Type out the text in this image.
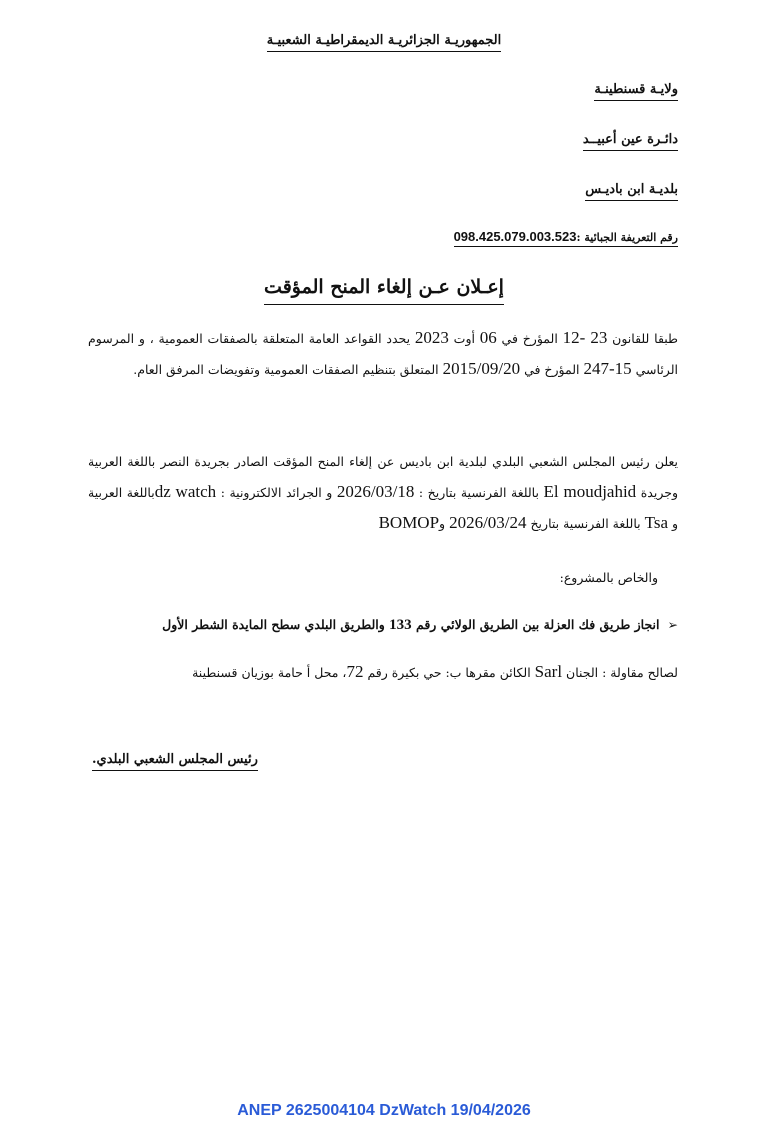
الجمهوريـة الجزائريـة الديمقراطيـة الشعبيـة
ولايـة قسنطينـة
دائـرة عين أعبيــد
بلديـة ابن باديـس
رقم التعريفة الجبائية :098.425.079.003.523
إعـلان عـن إلغاء المنح المؤقت

طبقا للقانون 23 -12 المؤرخ في 06 أوت 2023 يحدد القواعد العامة المتعلقة بالصفقات العمومية ، و المرسوم الرئاسي 15-247 المؤرخ في 2015/09/20 المتعلق بتنظيم الصفقات العمومية وتفويضات المرفق العام.

يعلن رئيس المجلس الشعبي البلدي لبلدية ابن باديس عن إلغاء المنح المؤقت الصادر بجريدة النصر باللغة العربية وجريدة El moudjahid باللغة الفرنسية بتاريخ : 2026/03/18 و الجرائد الالكترونية : dz watchباللغة العربية و Tsa باللغة الفرنسية بتاريخ 2026/03/24 وBOMOP

والخاص بالمشروع:
➢انجاز طريق فك العزلة بين الطريق الولائي رقم 133 والطريق البلدي سطح المايدة الشطر الأول
لصالح مقاولة : الجنان Sarl الكائن مقرها ب: حي بكيرة رقم 72، محل أ حامة بوزيان قسنطينة
رئيس المجلس الشعبي البلدي.
ANEP 2625004104 DzWatch 19/04/2026
